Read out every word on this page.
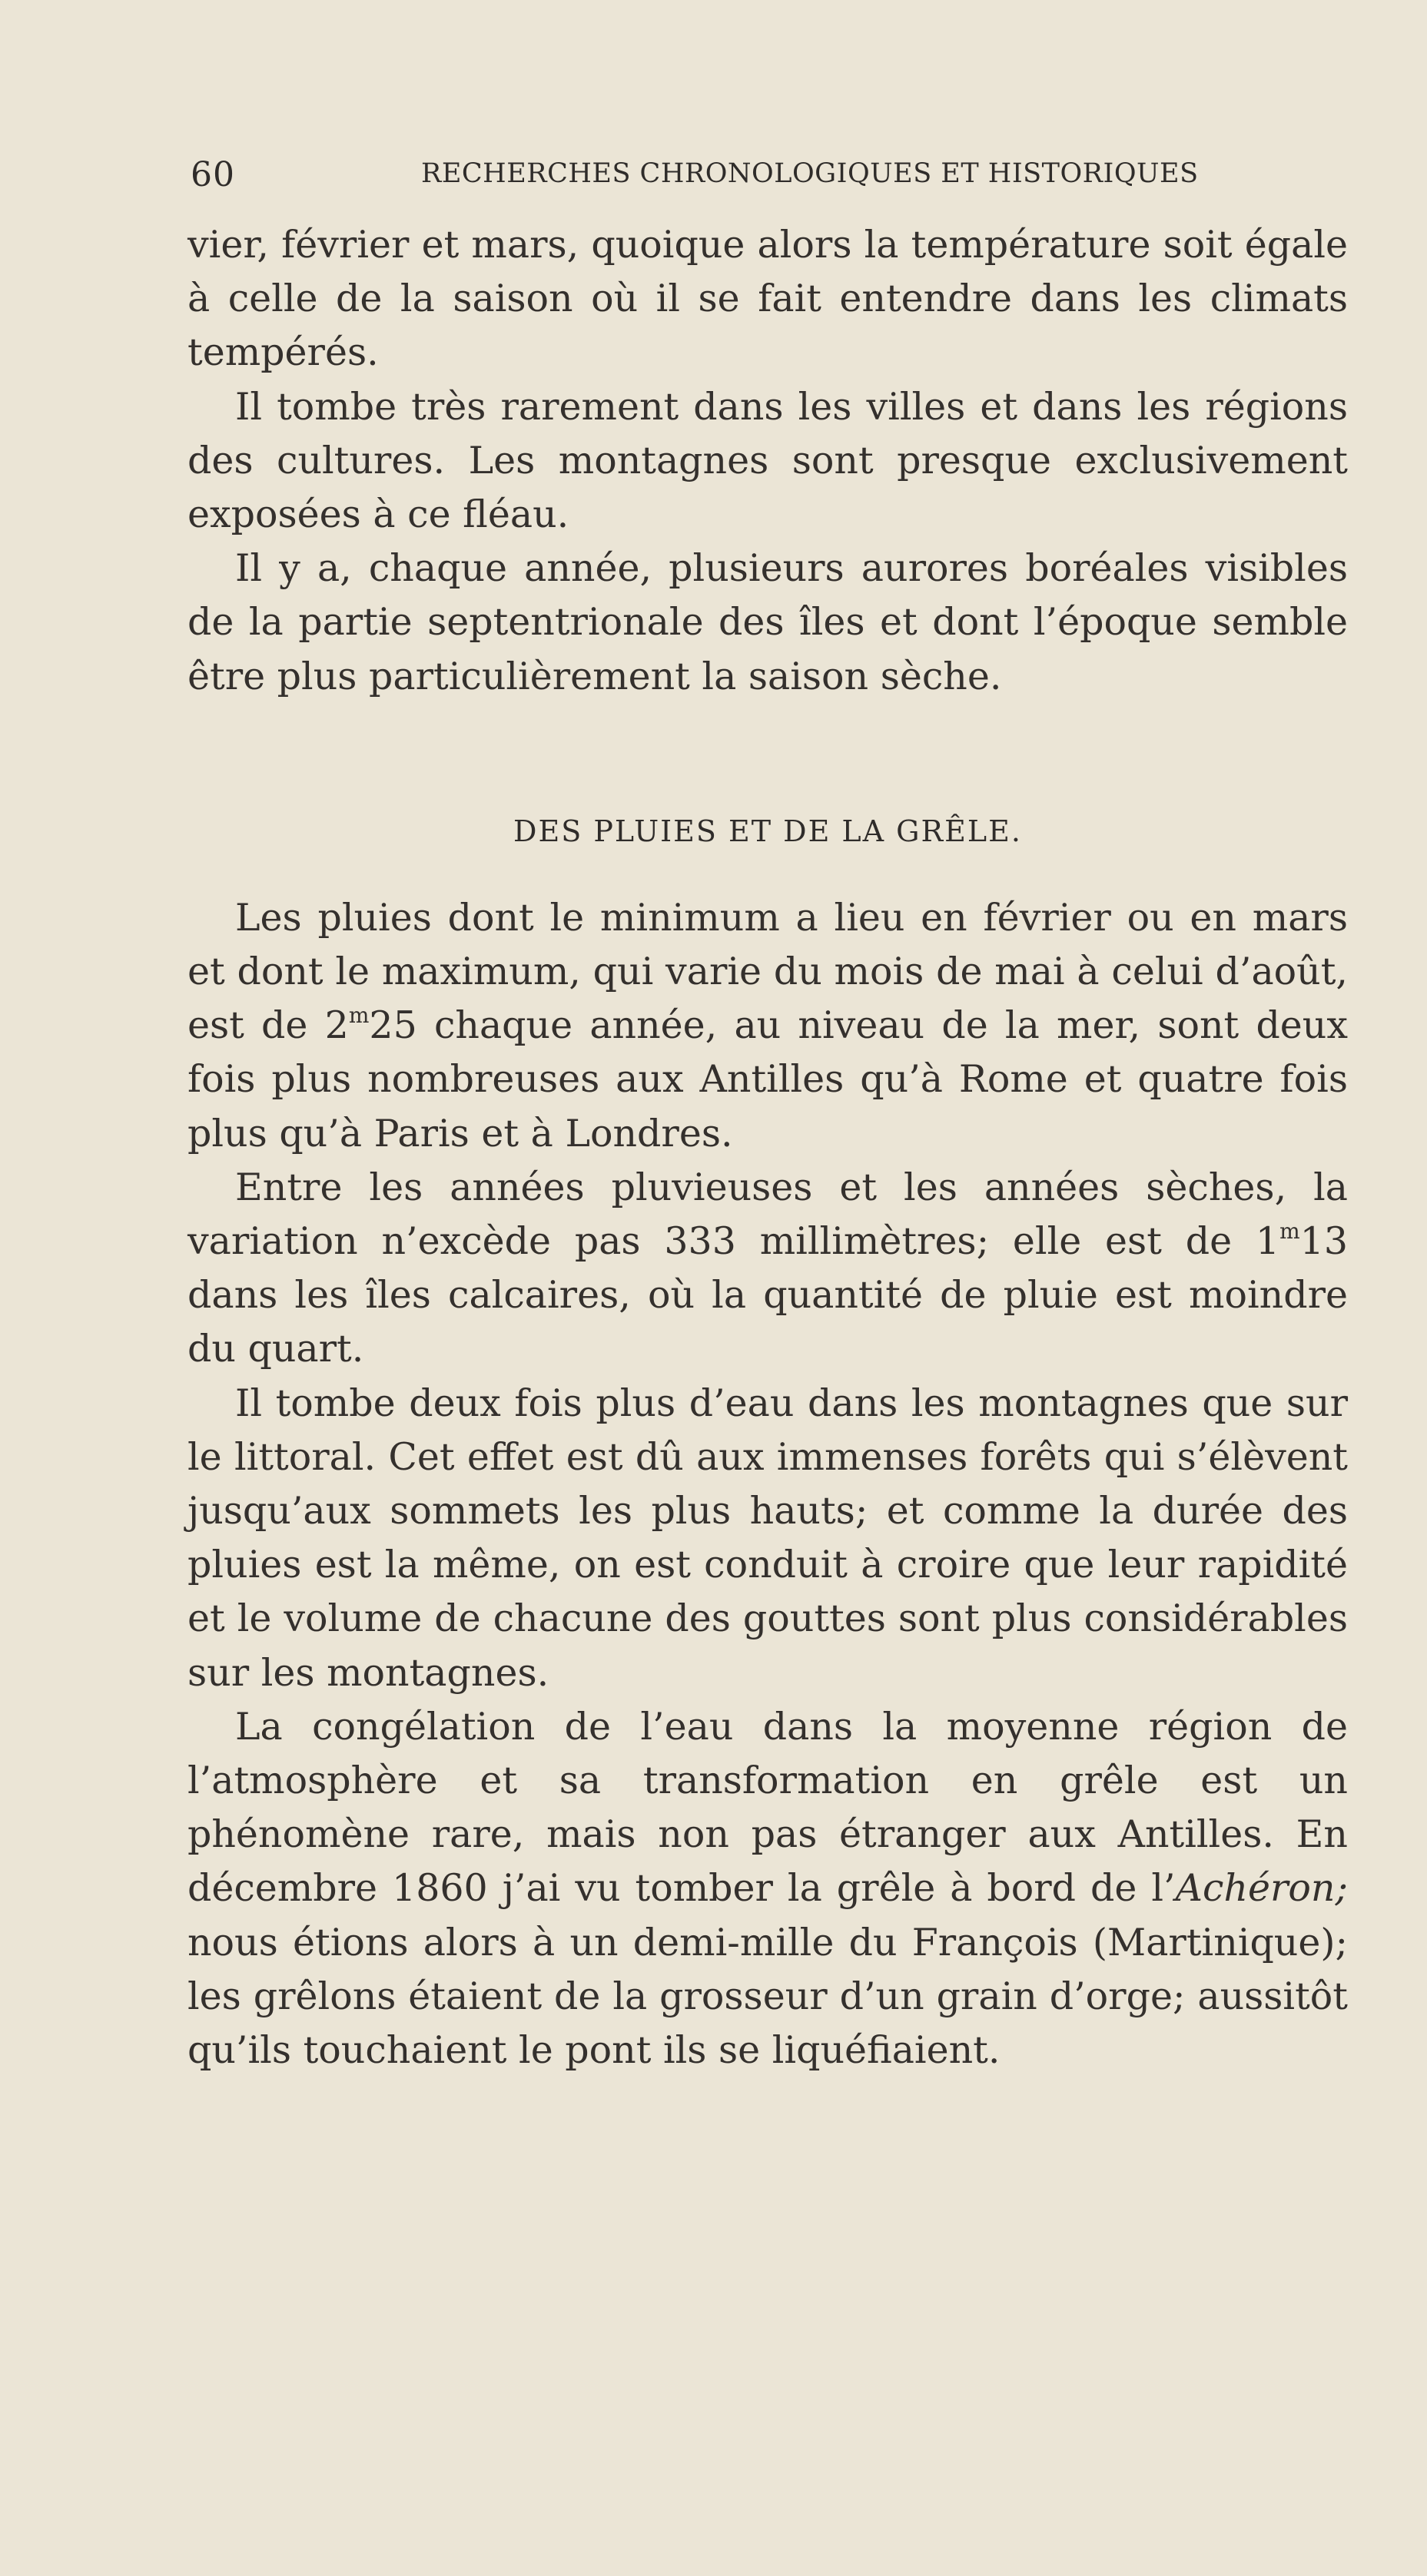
60	RECHERCHES CHRONOLOGIQUES ET HISTORIQUES

vier, février et mars, quoique alors la température soit égale à celle de la saison où il se fait entendre dans les climats tempérés.

Il tombe très rarement dans les villes et dans les régions des cultures. Les montagnes sont presque exclusivement exposées à ce fléau.

Il y a, chaque année, plusieurs aurores boréales visibles de la partie septentrionale des îles et dont l’époque semble être plus particulièrement la saison sèche.

DES PLUIES ET DE LA GRÊLE.

Les pluies dont le minimum a lieu en février ou en mars et dont le maximum, qui varie du mois de mai à celui d’août, est de 2$^m$25 chaque année, au niveau de la mer, sont deux fois plus nombreuses aux Antilles qu’à Rome et quatre fois plus qu’à Paris et à Londres.

Entre les années pluvieuses et les années sèches, la variation n’excède pas 333 millimètres; elle est de 1$^m$13 dans les îles calcaires, où la quantité de pluie est moindre du quart.

Il tombe deux fois plus d’eau dans les montagnes que sur le littoral. Cet effet est dû aux immenses forêts qui s’élèvent jusqu’aux sommets les plus hauts; et comme la durée des pluies est la même, on est conduit à croire que leur rapidité et le volume de chacune des gouttes sont plus considérables sur les montagnes.

La congélation de l’eau dans la moyenne région de l’atmosphère et sa transformation en grêle est un phénomène rare, mais non pas étranger aux Antilles. En décembre 1860 j’ai vu tomber la grêle à bord de l’Achéron; nous étions alors à un demi-mille du François (Martinique); les grêlons étaient de la grosseur d’un grain d’orge; aussitôt qu’ils touchaient le pont ils se liquéfiaient.
